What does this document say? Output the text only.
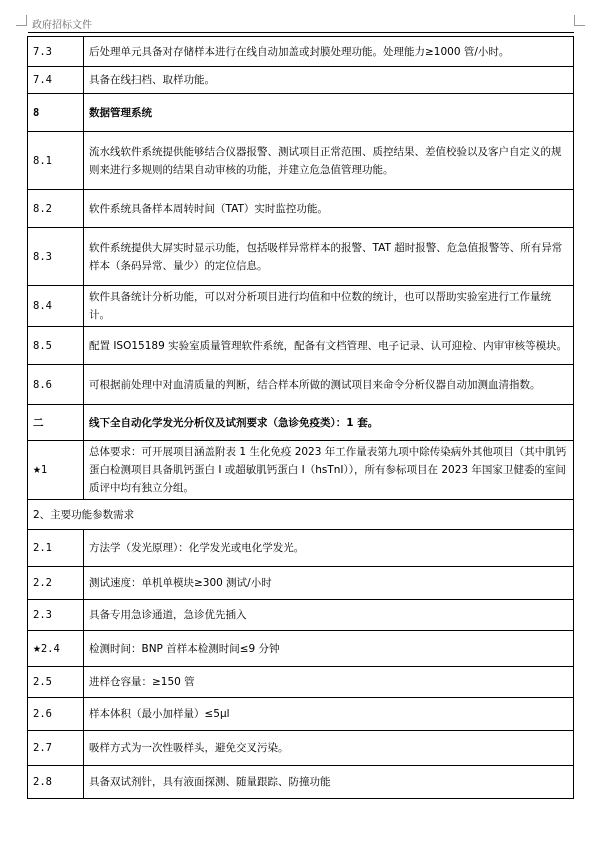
政府招标文件
7.3	后处理单元具备对存储样本进行在线自动加盖或封膜处理功能。处理能力≥1000 管/小时。
7.4	具备在线扫档、取样功能。
8	数据管理系统
8.1	流水线软件系统提供能够结合仪器报警、测试项目正常范围、质控结果、差值校验以及客户自定义的规则来进行多规则的结果自动审核的功能，并建立危急值管理功能。
8.2	软件系统具备样本周转时间（TAT）实时监控功能。
8.3	软件系统提供大屏实时显示功能，包括吸样异常样本的报警、TAT 超时报警、危急值报警等、所有异常样本（条码异常、量少）的定位信息。
8.4	软件具备统计分析功能，可以对分析项目进行均值和中位数的统计，也可以帮助实验室进行工作量统计。
8.5	配置 ISO15189 实验室质量管理软件系统，配备有文档管理、电子记录、认可迎检、内审审核等模块。
8.6	可根据前处理中对血清质量的判断，结合样本所做的测试项目来命令分析仪器自动加测血清指数。
二	线下全自动化学发光分析仪及试剂要求（急诊免疫类）：1 套。
★1	总体要求：可开展项目涵盖附表 1 生化免疫 2023 年工作量表第九项中除传染病外其他项目（其中肌钙蛋白检测项目具备肌钙蛋白 I 或超敏肌钙蛋白 I（hsTnI）），所有参标项目在 2023 年国家卫健委的室间质评中均有独立分组。
2、主要功能参数需求	
2.1	方法学（发光原理）：化学发光或电化学发光。
2.2	测试速度：单机单模块≥300 测试/小时
2.3	具备专用急诊通道，急诊优先插入
★2.4	检测时间：BNP 首样本检测时间≤9 分钟
2.5	进样仓容量：≥150 管
2.6	样本体积（最小加样量）≤5μl
2.7	吸样方式为一次性吸样头，避免交叉污染。
2.8	具备双试剂针，具有液面探测、随量跟踪、防撞功能
